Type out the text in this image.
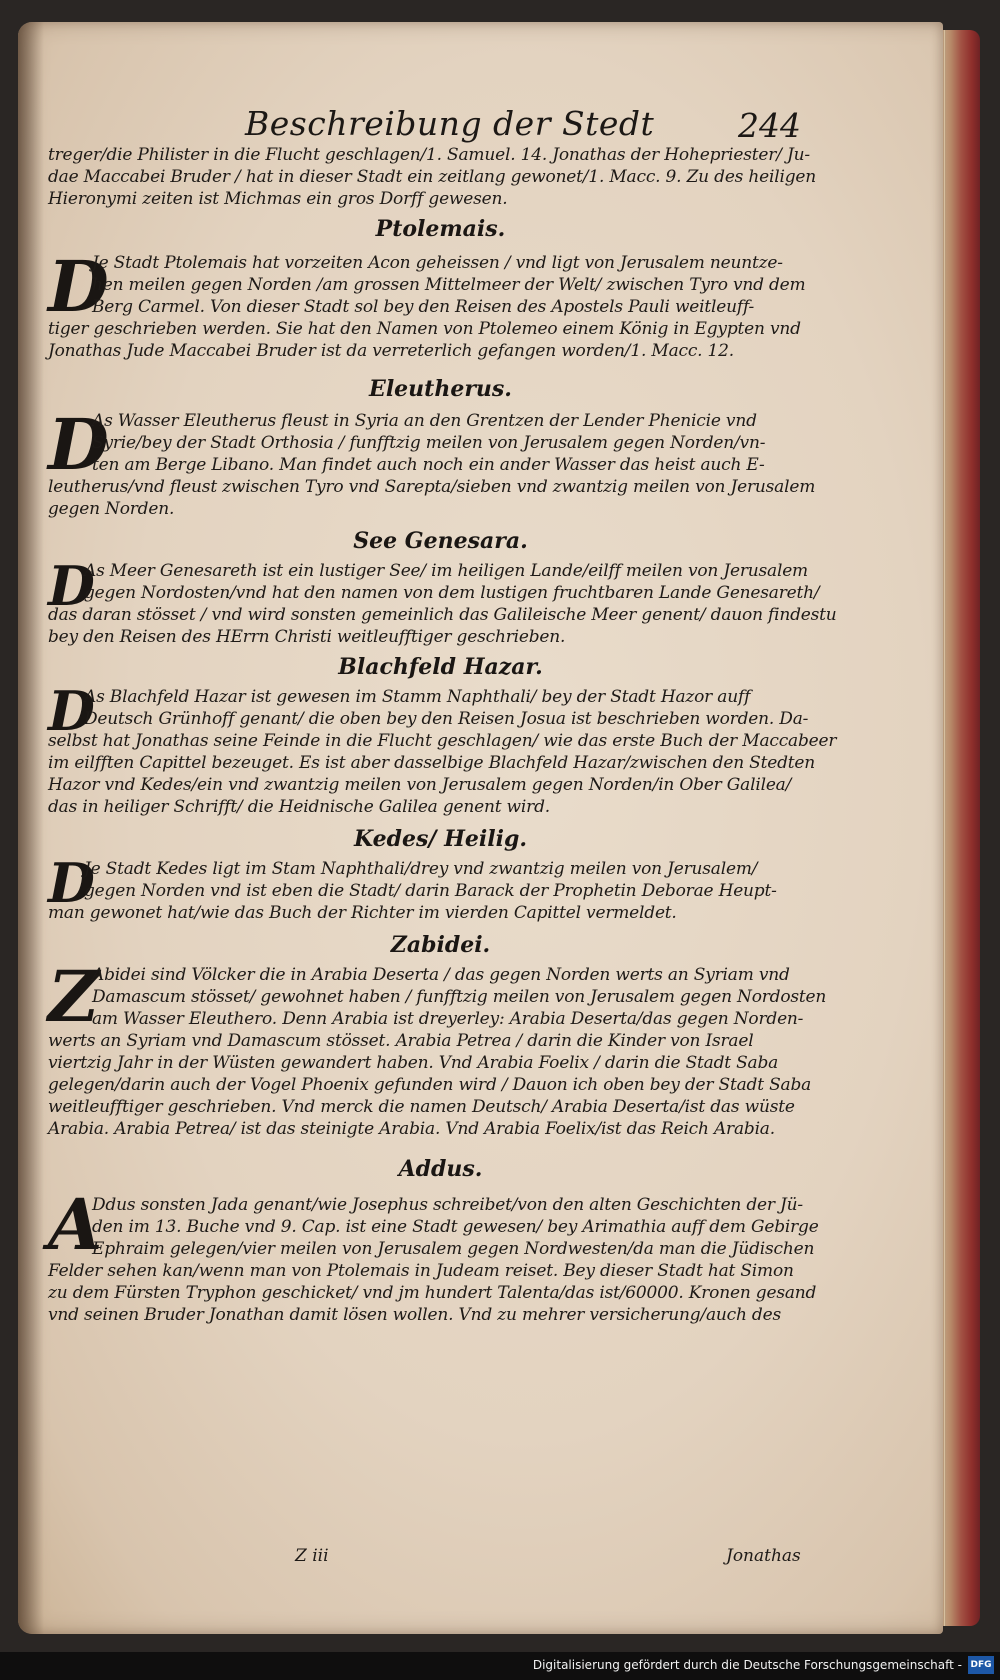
Beschreibung der Stedt	244
treger/die Philister in die Flucht geschlagen/1. Samuel. 14. Jonathas der Hohepriester/ Ju-
dae Maccabei Bruder / hat in dieser Stadt ein zeitlang gewonet/1. Macc. 9. Zu des heiligen
Hieronymi zeiten ist Michmas ein gros Dorff gewesen.
Ptolemais.
D
Je Stadt Ptolemais hat vorzeiten Acon geheissen / vnd ligt von Jerusalem neuntze-
hen meilen gegen Norden /am grossen Mittelmeer der Welt/ zwischen Tyro vnd dem
Berg Carmel. Von dieser Stadt sol bey den Reisen des Apostels Pauli weitleuff-
tiger geschrieben werden. Sie hat den Namen von Ptolemeo einem König in Egypten vnd
Jonathas Jude Maccabei Bruder ist da verreterlich gefangen worden/1. Macc. 12.
Eleutherus.
D
As Wasser Eleutherus fleust in Syria an den Grentzen der Lender Phenicie vnd
Syrie/bey der Stadt Orthosia / funfftzig meilen von Jerusalem gegen Norden/vn-
ten am Berge Libano. Man findet auch noch ein ander Wasser das heist auch E-
leutherus/vnd fleust zwischen Tyro vnd Sarepta/sieben vnd zwantzig meilen von Jerusalem
gegen Norden.
See Genesara.
D
As Meer Genesareth ist ein lustiger See/ im heiligen Lande/eilff meilen von Jerusalem
gegen Nordosten/vnd hat den namen von dem lustigen fruchtbaren Lande Genesareth/
das daran stösset / vnd wird sonsten gemeinlich das Galileische Meer genent/ dauon findestu
bey den Reisen des HErrn Christi weitleufftiger geschrieben.
Blachfeld Hazar.
D
As Blachfeld Hazar ist gewesen im Stamm Naphthali/ bey der Stadt Hazor auff
Deutsch Grünhoff genant/ die oben bey den Reisen Josua ist beschrieben worden. Da-
selbst hat Jonathas seine Feinde in die Flucht geschlagen/ wie das erste Buch der Maccabeer
im eilfften Capittel bezeuget. Es ist aber dasselbige Blachfeld Hazar/zwischen den Stedten
Hazor vnd Kedes/ein vnd zwantzig meilen von Jerusalem gegen Norden/in Ober Galilea/
das in heiliger Schrifft/ die Heidnische Galilea genent wird.
Kedes/ Heilig.
D
Je Stadt Kedes ligt im Stam Naphthali/drey vnd zwantzig meilen von Jerusalem/
gegen Norden vnd ist eben die Stadt/ darin Barack der Prophetin Deborae Heupt-
man gewonet hat/wie das Buch der Richter im vierden Capittel vermeldet.
Zabidei.
Z
Abidei sind Völcker die in Arabia Deserta / das gegen Norden werts an Syriam vnd
Damascum stösset/ gewohnet haben / funfftzig meilen von Jerusalem gegen Nordosten
am Wasser Eleuthero. Denn Arabia ist dreyerley: Arabia Deserta/das gegen Norden-
werts an Syriam vnd Damascum stösset. Arabia Petrea / darin die Kinder von Israel
viertzig Jahr in der Wüsten gewandert haben. Vnd Arabia Foelix / darin die Stadt Saba
gelegen/darin auch der Vogel Phoenix gefunden wird / Dauon ich oben bey der Stadt Saba
weitleufftiger geschrieben. Vnd merck die namen Deutsch/ Arabia Deserta/ist das wüste
Arabia. Arabia Petrea/ ist das steinigte Arabia. Vnd Arabia Foelix/ist das Reich Arabia.
Addus.
A
Ddus sonsten Jada genant/wie Josephus schreibet/von den alten Geschichten der Jü-
den im 13. Buche vnd 9. Cap. ist eine Stadt gewesen/ bey Arimathia auff dem Gebirge
Ephraim gelegen/vier meilen von Jerusalem gegen Nordwesten/da man die Jüdischen
Felder sehen kan/wenn man von Ptolemais in Judeam reiset. Bey dieser Stadt hat Simon
zu dem Fürsten Tryphon geschicket/ vnd jm hundert Talenta/das ist/60000. Kronen gesand
vnd seinen Bruder Jonathan damit lösen wollen. Vnd zu mehrer versicherung/auch des
Z iii	Jonathas
Digitalisierung gefördert durch die Deutsche Forschungsgemeinschaft - DFG
